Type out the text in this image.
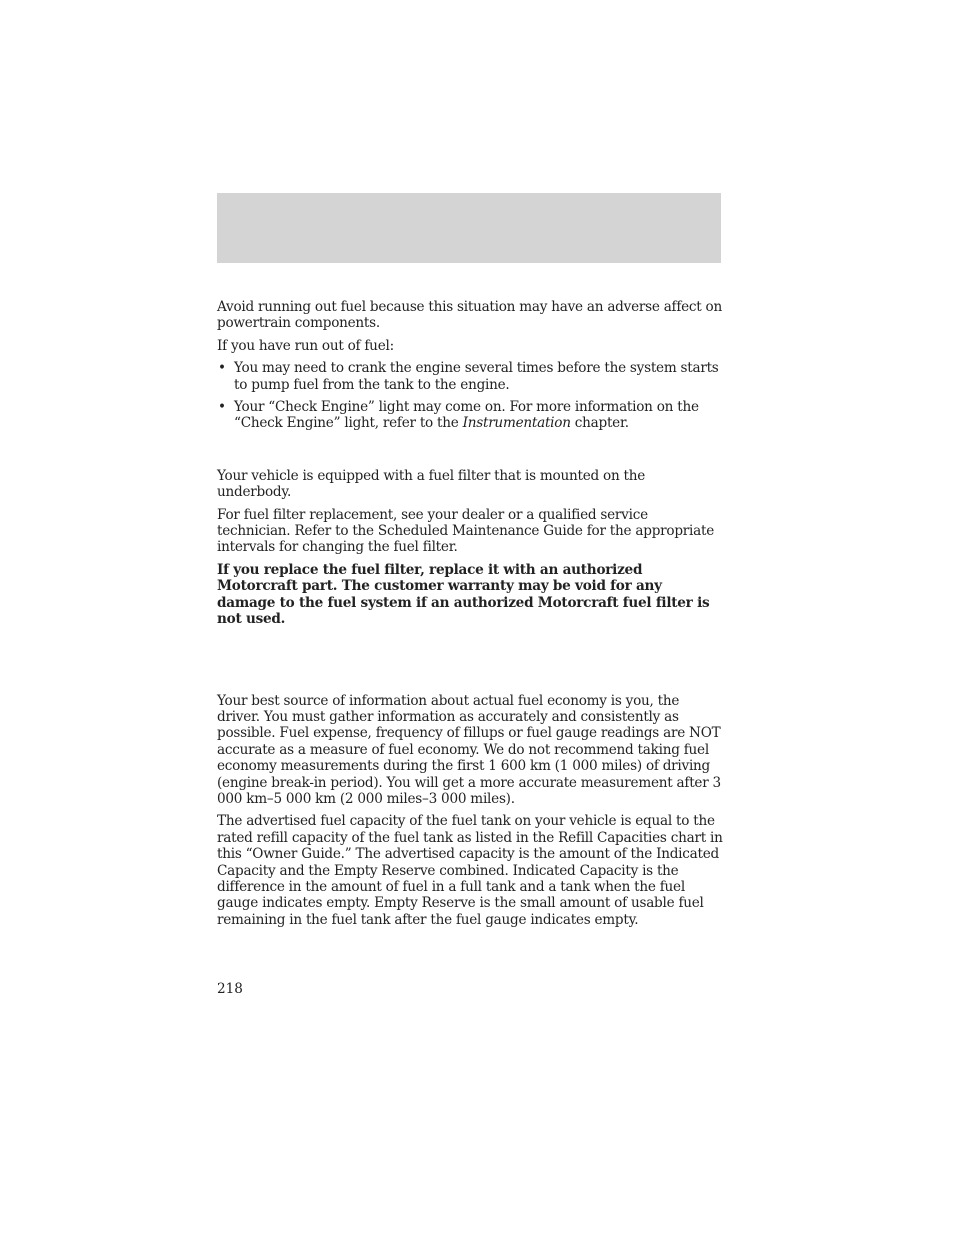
Avoid running out fuel because this situation may have an adverse affect on powertrain components.

If you have run out of fuel:

• You may need to crank the engine several times before the system starts to pump fuel from the tank to the engine.
• Your “Check Engine” light may come on. For more information on the “Check Engine” light, refer to the Instrumentation chapter.

Your vehicle is equipped with a fuel filter that is mounted on the underbody.

For fuel filter replacement, see your dealer or a qualified service technician. Refer to the Scheduled Maintenance Guide for the appropriate intervals for changing the fuel filter.

If you replace the fuel filter, replace it with an authorized Motorcraft part. The customer warranty may be void for any damage to the fuel system if an authorized Motorcraft fuel filter is not used.

Your best source of information about actual fuel economy is you, the driver. You must gather information as accurately and consistently as possible. Fuel expense, frequency of fillups or fuel gauge readings are NOT accurate as a measure of fuel economy. We do not recommend taking fuel economy measurements during the first 1 600 km (1 000 miles) of driving (engine break-in period). You will get a more accurate measurement after 3 000 km–5 000 km (2 000 miles–3 000 miles).

The advertised fuel capacity of the fuel tank on your vehicle is equal to the rated refill capacity of the fuel tank as listed in the Refill Capacities chart in this “Owner Guide.” The advertised capacity is the amount of the Indicated Capacity and the Empty Reserve combined. Indicated Capacity is the difference in the amount of fuel in a full tank and a tank when the fuel gauge indicates empty. Empty Reserve is the small amount of usable fuel remaining in the fuel tank after the fuel gauge indicates empty.

218
